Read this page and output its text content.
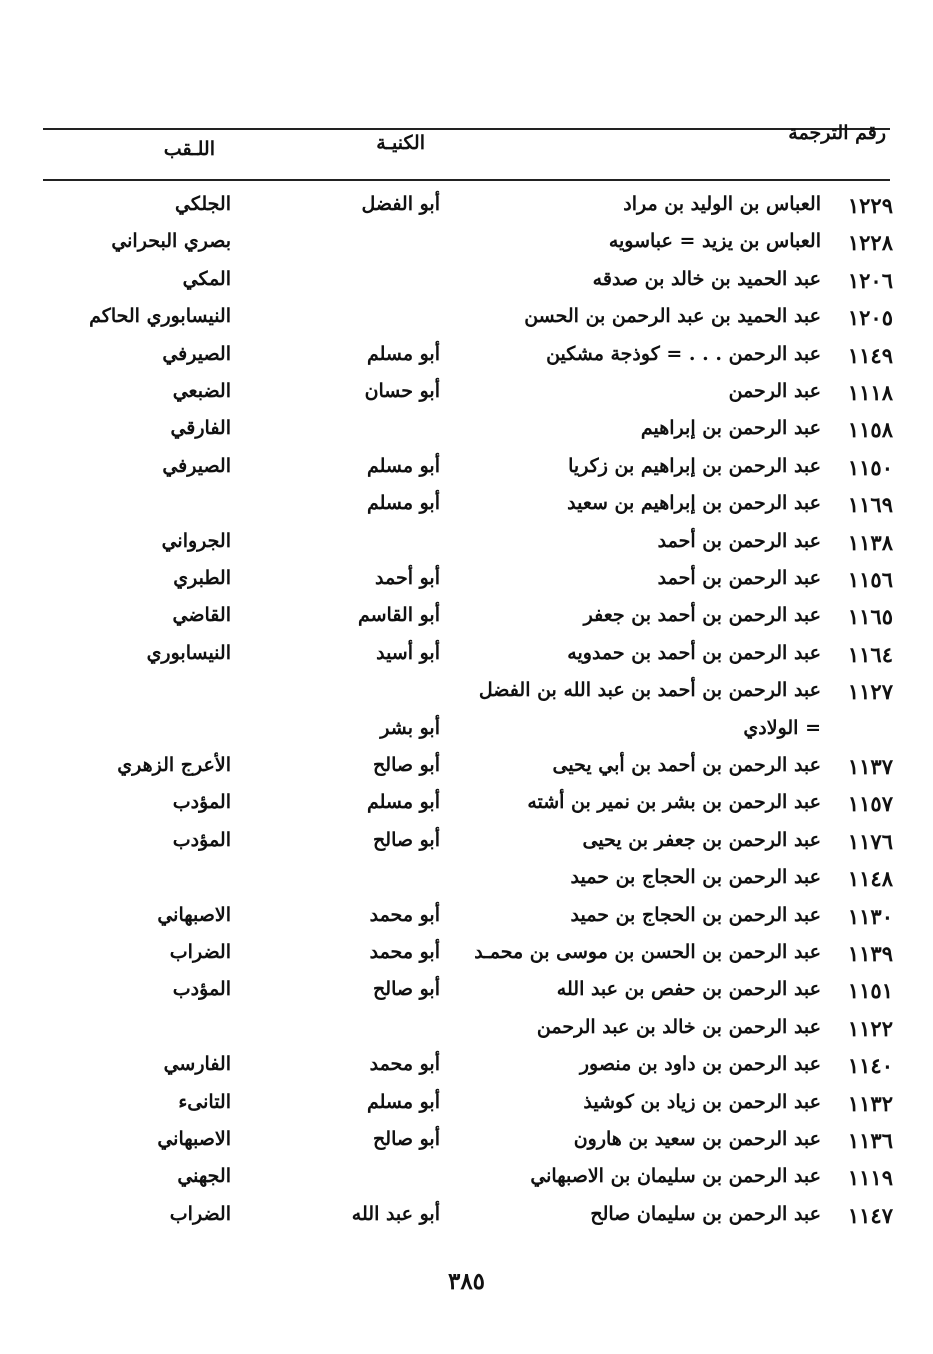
رقم الترجمة
الكنيـة
اللـقب
١٢٢٩
العباس بن الوليد بن مراد
أبو الفضل
الجلكي
١٢٢٨
العباس بن يزيد = عباسويه
بصري البحراني
١٢٠٦
عبد الحميد بن خالد بن صدقه
المكي
١٢٠٥
عبد الحميد بن عبد الرحمن بن الحسن
النيسابوري الحاكم
١١٤٩
عبد الرحمن . . . = كوذجة مشكين
أبو مسلم
الصيرفي
١١١٨
عبد الرحمن
أبو حسان
الضبعي
١١٥٨
عبد الرحمن بن إبراهيم
الفارقي
١١٥٠
عبد الرحمن بن إبراهيم بن زكريا
أبو مسلم
الصيرفي
١١٦٩
عبد الرحمن بن إبراهيم بن سعيد
أبو مسلم
١١٣٨
عبد الرحمن بن أحمد
الجرواني
١١٥٦
عبد الرحمن بن أحمد
أبو أحمد
الطبري
١١٦٥
عبد الرحمن بن أحمد بن جعفر
أبو القاسم
القاضي
١١٦٤
عبد الرحمن بن أحمد بن حمدويه
أبو أسيد
النيسابوري
١١٢٧
عبد الرحمن بن أحمد بن عبد الله بن الفضل
= الولادي
أبو بشر
١١٣٧
عبد الرحمن بن أحمد بن أبي يحيى
أبو صالح
الأعرج الزهري
١١٥٧
عبد الرحمن بن بشر بن نمير بن أشته
أبو مسلم
المؤدب
١١٧٦
عبد الرحمن بن جعفر بن يحيى
أبو صالح
المؤدب
١١٤٨
عبد الرحمن بن الحجاج بن حميد
١١٣٠
عبد الرحمن بن الحجاج بن حميد
أبو محمد
الاصبهاني
١١٣٩
عبد الرحمن بن الحسن بن موسى بن محمـد
أبو محمد
الضراب
١١٥١
عبد الرحمن بن حفص بن عبد الله
أبو صالح
المؤدب
١١٢٢
عبد الرحمن بن خالد بن عبد الرحمن
١١٤٠
عبد الرحمن بن داود بن منصور
أبو محمد
الفارسي
١١٣٢
عبد الرحمن بن زياد بن كوشيذ
أبو مسلم
التانىء
١١٣٦
عبد الرحمن بن سعيد بن هارون
أبو صالح
الاصبهاني
١١١٩
عبد الرحمن بن سليمان بن الاصبهاني
الجهني
١١٤٧
عبد الرحمن بن سليمان صالح
أبو عبد الله
الضراب
٣٨٥
